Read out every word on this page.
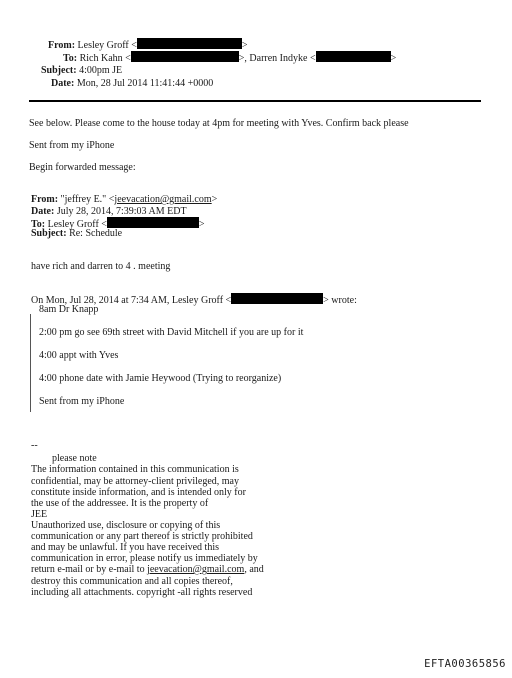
From: Lesley Groff <	>
To: Rich Kahn <	>, Darren Indyke <	>
Subject: 4:00pm JE
Date: Mon, 28 Jul 2014 11:41:44 +0000
See below. Please come to the house today at 4pm for meeting with Yves. Confirm back please
Sent from my iPhone
Begin forwarded message:
From: "jeffrey E." <jeevacation@gmail.com>
Date: July 28, 2014, 7:39:03 AM EDT
To: Lesley Groff <	>
Subject: Re: Schedule
have rich and darren to 4 . meeting
On Mon, Jul 28, 2014 at 7:34 AM, Lesley Groff <	> wrote:
8am Dr Knapp
2:00 pm go see 69th street with David Mitchell if you are up for it
4:00 appt with Yves
4:00 phone date with Jamie Heywood (Trying to reorganize)
Sent from my iPhone
--
please note
The information contained in this communication is
confidential, may be attorney-client privileged, may
constitute inside information, and is intended only for
the use of the addressee. It is the property of
JEE
Unauthorized use, disclosure or copying of this
communication or any part thereof is strictly prohibited
and may be unlawful. If you have received this
communication in error, please notify us immediately by
return e-mail or by e-mail to jeevacation@gmail.com, and
destroy this communication and all copies thereof,
including all attachments. copyright -all rights reserved
EFTA00365856
